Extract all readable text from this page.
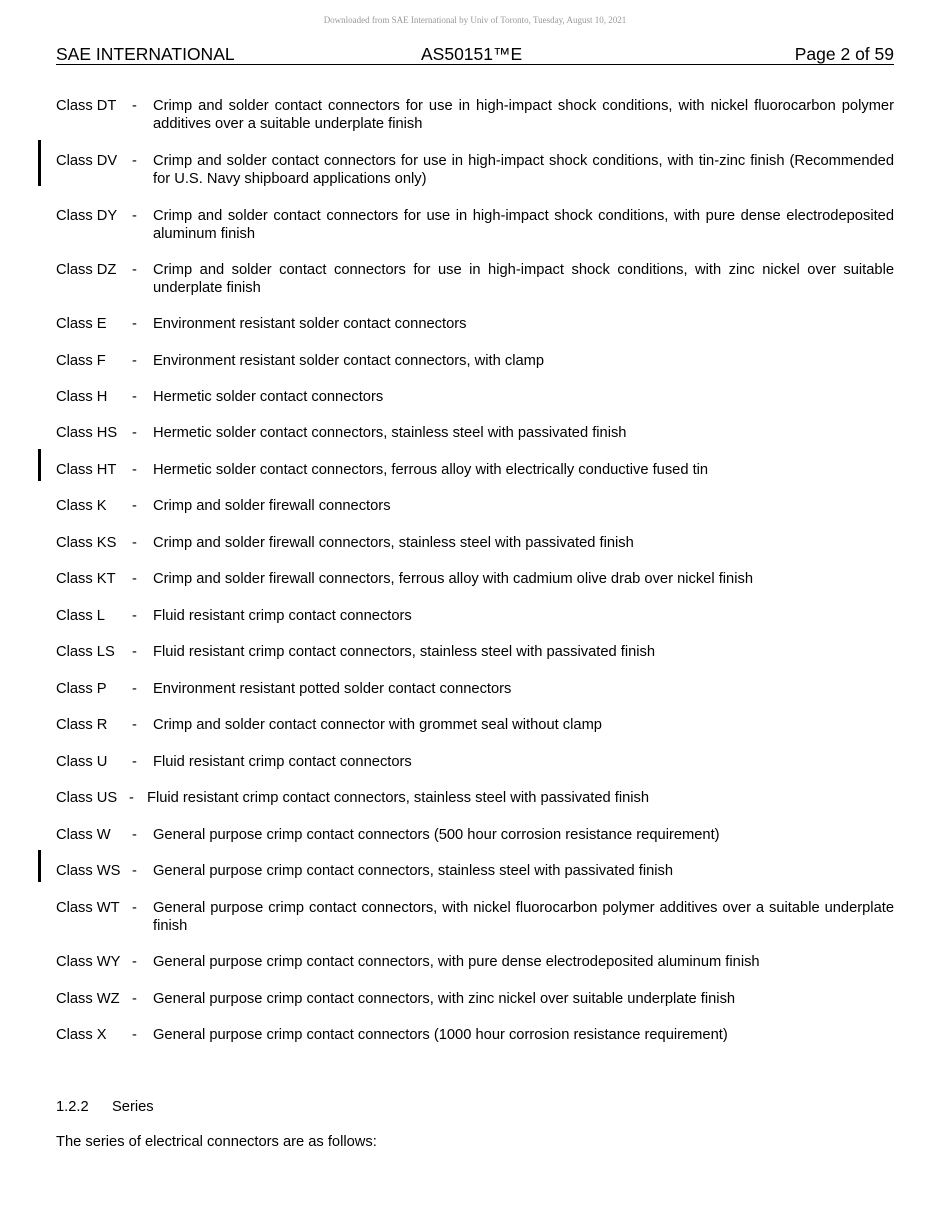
Downloaded from SAE International by Univ of Toronto, Tuesday, August 10, 2021
SAE INTERNATIONAL	AS50151™E	Page 2 of 59
Class DT - Crimp and solder contact connectors for use in high-impact shock conditions, with nickel fluorocarbon polymer additives over a suitable underplate finish
Class DV - Crimp and solder contact connectors for use in high-impact shock conditions, with tin-zinc finish (Recommended for U.S. Navy shipboard applications only)
Class DY - Crimp and solder contact connectors for use in high-impact shock conditions, with pure dense electrodeposited aluminum finish
Class DZ - Crimp and solder contact connectors for use in high-impact shock conditions, with zinc nickel over suitable underplate finish
Class E - Environment resistant solder contact connectors
Class F - Environment resistant solder contact connectors, with clamp
Class H - Hermetic solder contact connectors
Class HS - Hermetic solder contact connectors, stainless steel with passivated finish
Class HT - Hermetic solder contact connectors, ferrous alloy with electrically conductive fused tin
Class K - Crimp and solder firewall connectors
Class KS - Crimp and solder firewall connectors, stainless steel with passivated finish
Class KT - Crimp and solder firewall connectors, ferrous alloy with cadmium olive drab over nickel finish
Class L - Fluid resistant crimp contact connectors
Class LS - Fluid resistant crimp contact connectors, stainless steel with passivated finish
Class P - Environment resistant potted solder contact connectors
Class R - Crimp and solder contact connector with grommet seal without clamp
Class U - Fluid resistant crimp contact connectors
Class US - Fluid resistant crimp contact connectors, stainless steel with passivated finish
Class W - General purpose crimp contact connectors (500 hour corrosion resistance requirement)
Class WS - General purpose crimp contact connectors, stainless steel with passivated finish
Class WT - General purpose crimp contact connectors, with nickel fluorocarbon polymer additives over a suitable underplate finish
Class WY - General purpose crimp contact connectors, with pure dense electrodeposited aluminum finish
Class WZ - General purpose crimp contact connectors, with zinc nickel over suitable underplate finish
Class X - General purpose crimp contact connectors (1000 hour corrosion resistance requirement)
1.2.2 Series
The series of electrical connectors are as follows:
